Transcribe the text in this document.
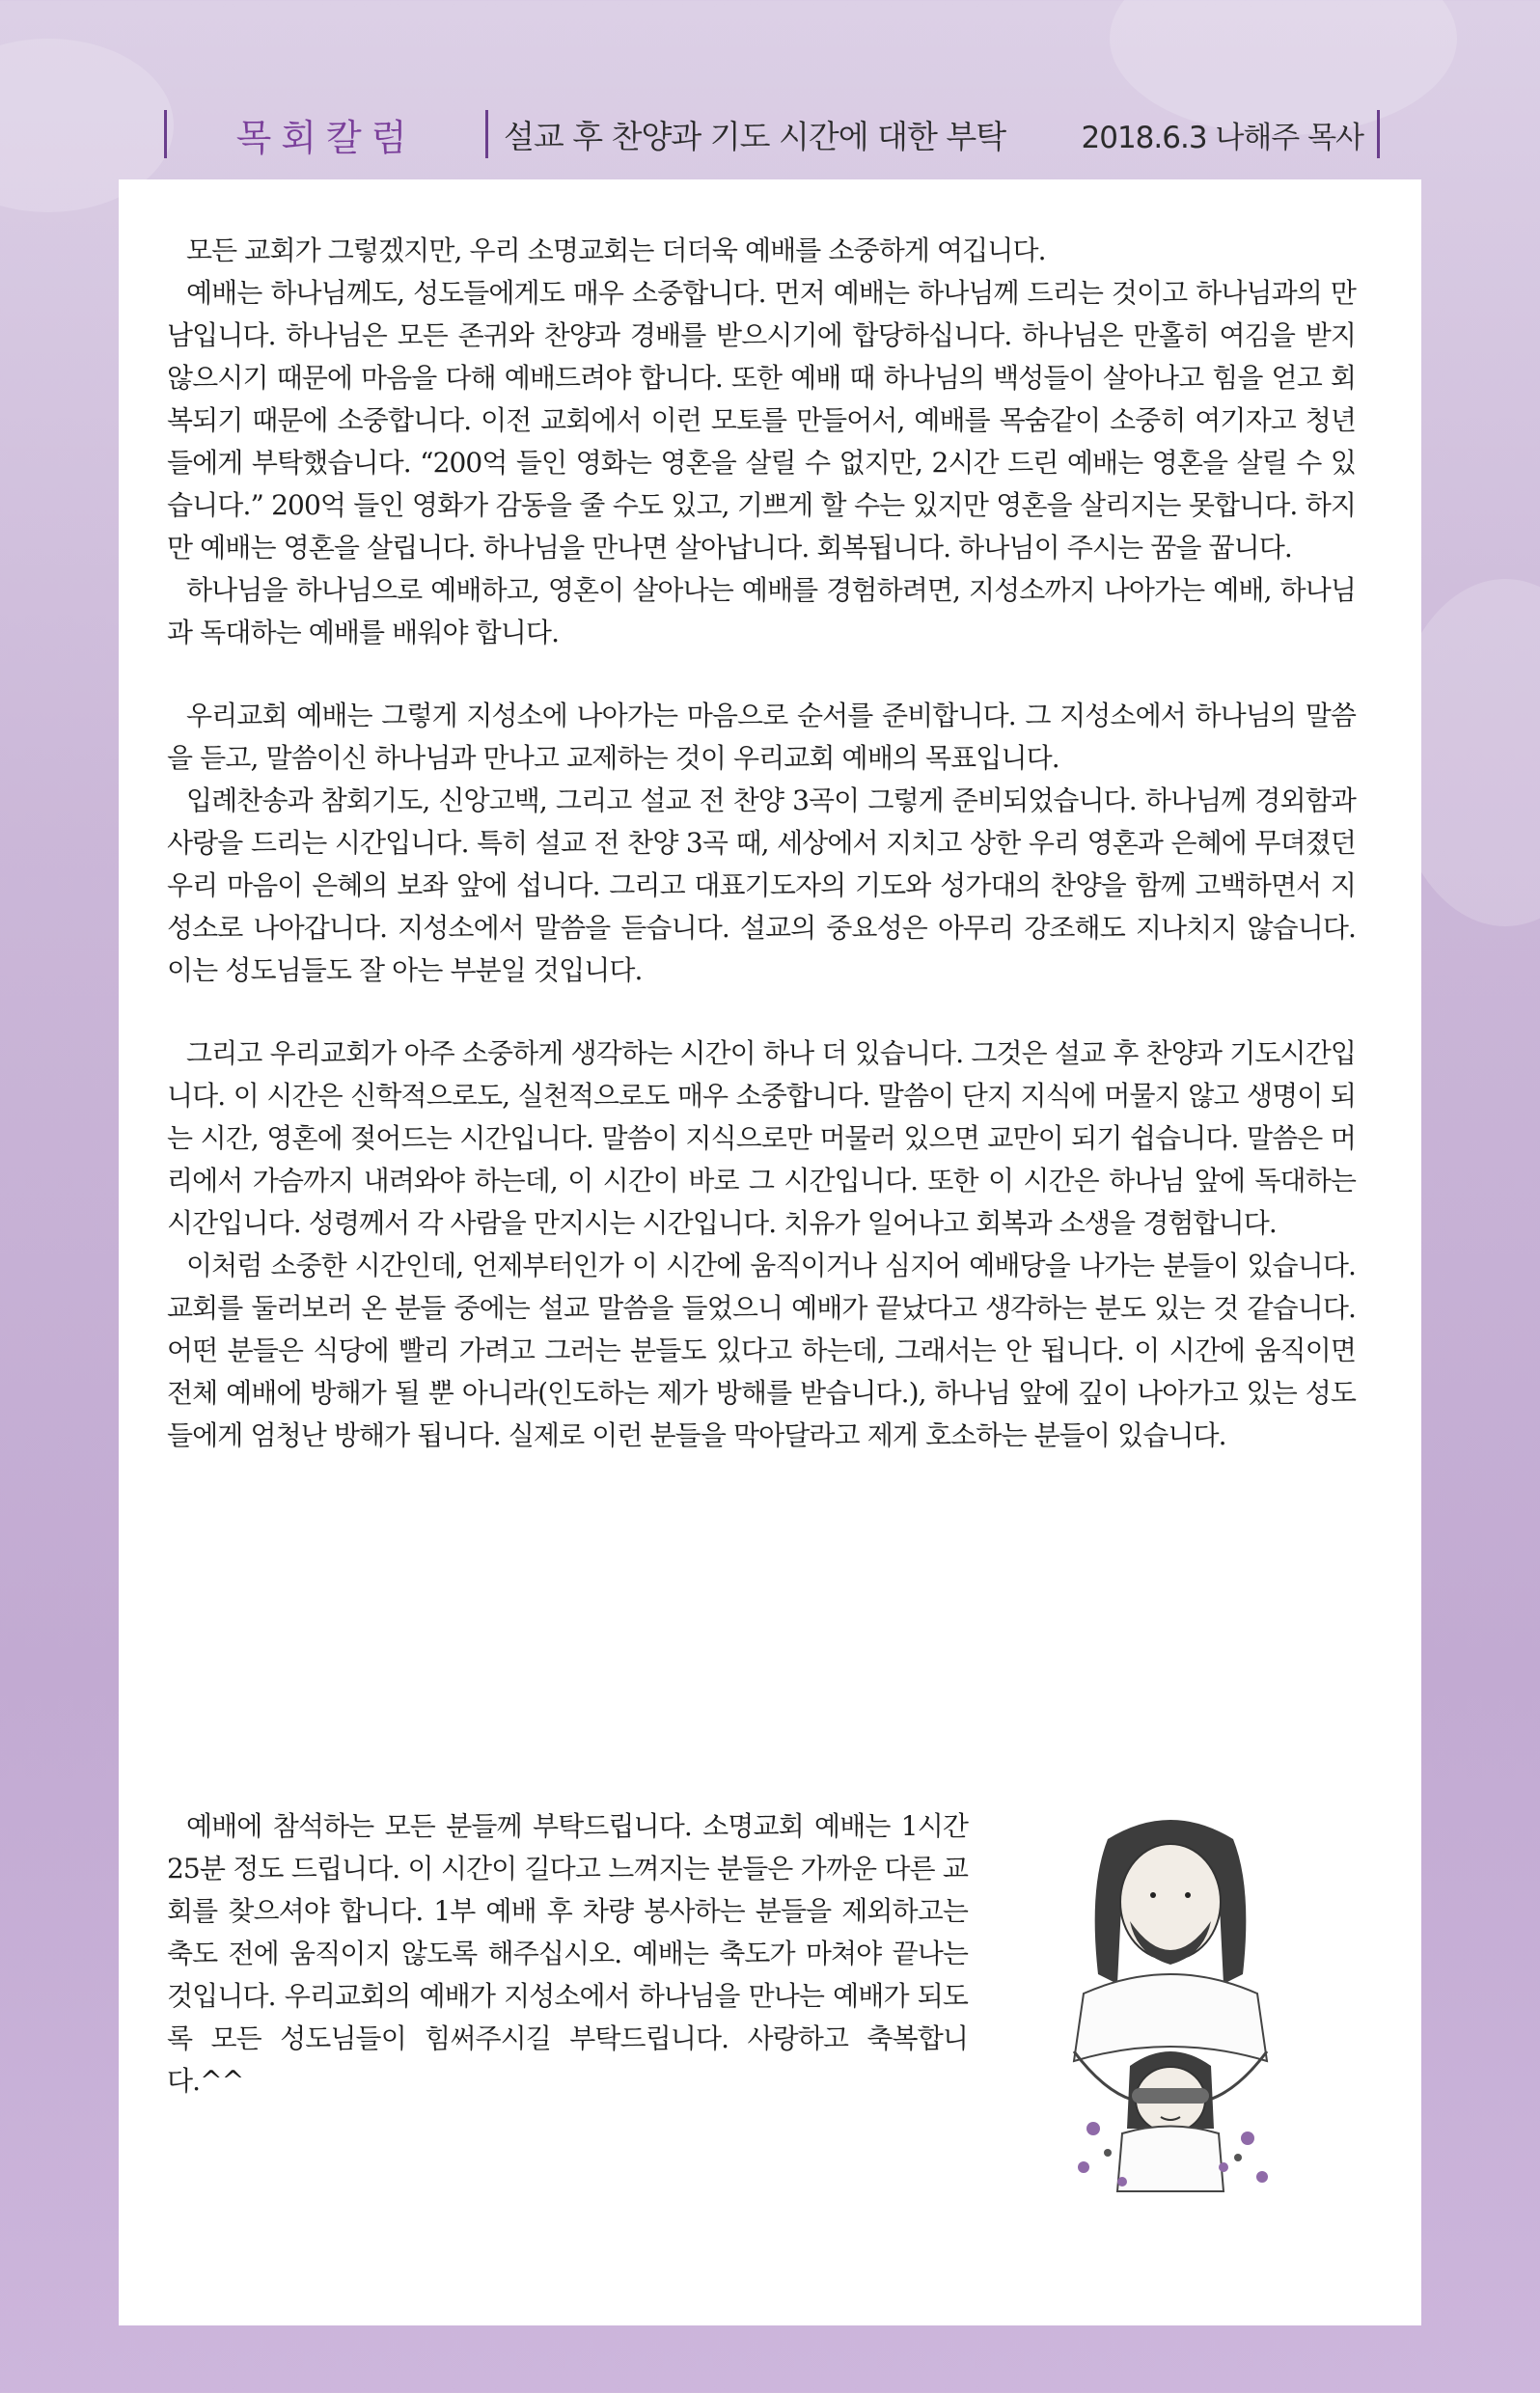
목회칼럼	설교 후 찬양과 기도 시간에 대한 부탁	2018.6.3 나해주 목사

모든 교회가 그렇겠지만, 우리 소명교회는 더더욱 예배를 소중하게 여깁니다.

예배는 하나님께도, 성도들에게도 매우 소중합니다. 먼저 예배는 하나님께 드리는 것이고 하나님과의 만남입니다. 하나님은 모든 존귀와 찬양과 경배를 받으시기에 합당하십니다. 하나님은 만홀히 여김을 받지 않으시기 때문에 마음을 다해 예배드려야 합니다. 또한 예배 때 하나님의 백성들이 살아나고 힘을 얻고 회복되기 때문에 소중합니다. 이전 교회에서 이런 모토를 만들어서, 예배를 목숨같이 소중히 여기자고 청년들에게 부탁했습니다. “200억 들인 영화는 영혼을 살릴 수 없지만, 2시간 드린 예배는 영혼을 살릴 수 있습니다.” 200억 들인 영화가 감동을 줄 수도 있고, 기쁘게 할 수는 있지만 영혼을 살리지는 못합니다. 하지만 예배는 영혼을 살립니다. 하나님을 만나면 살아납니다. 회복됩니다. 하나님이 주시는 꿈을 꿉니다.

하나님을 하나님으로 예배하고, 영혼이 살아나는 예배를 경험하려면, 지성소까지 나아가는 예배, 하나님과 독대하는 예배를 배워야 합니다.

우리교회 예배는 그렇게 지성소에 나아가는 마음으로 순서를 준비합니다. 그 지성소에서 하나님의 말씀을 듣고, 말씀이신 하나님과 만나고 교제하는 것이 우리교회 예배의 목표입니다.

입례찬송과 참회기도, 신앙고백, 그리고 설교 전 찬양 3곡이 그렇게 준비되었습니다. 하나님께 경외함과 사랑을 드리는 시간입니다. 특히 설교 전 찬양 3곡 때, 세상에서 지치고 상한 우리 영혼과 은혜에 무뎌졌던 우리 마음이 은혜의 보좌 앞에 섭니다. 그리고 대표기도자의 기도와 성가대의 찬양을 함께 고백하면서 지성소로 나아갑니다. 지성소에서 말씀을 듣습니다. 설교의 중요성은 아무리 강조해도 지나치지 않습니다. 이는 성도님들도 잘 아는 부분일 것입니다.

그리고 우리교회가 아주 소중하게 생각하는 시간이 하나 더 있습니다. 그것은 설교 후 찬양과 기도시간입니다. 이 시간은 신학적으로도, 실천적으로도 매우 소중합니다. 말씀이 단지 지식에 머물지 않고 생명이 되는 시간, 영혼에 젖어드는 시간입니다. 말씀이 지식으로만 머물러 있으면 교만이 되기 쉽습니다. 말씀은 머리에서 가슴까지 내려와야 하는데, 이 시간이 바로 그 시간입니다. 또한 이 시간은 하나님 앞에 독대하는 시간입니다. 성령께서 각 사람을 만지시는 시간입니다. 치유가 일어나고 회복과 소생을 경험합니다.

이처럼 소중한 시간인데, 언제부터인가 이 시간에 움직이거나 심지어 예배당을 나가는 분들이 있습니다. 교회를 둘러보러 온 분들 중에는 설교 말씀을 들었으니 예배가 끝났다고 생각하는 분도 있는 것 같습니다. 어떤 분들은 식당에 빨리 가려고 그러는 분들도 있다고 하는데, 그래서는 안 됩니다. 이 시간에 움직이면 전체 예배에 방해가 될 뿐 아니라(인도하는 제가 방해를 받습니다.), 하나님 앞에 깊이 나아가고 있는 성도들에게 엄청난 방해가 됩니다. 실제로 이런 분들을 막아달라고 제게 호소하는 분들이 있습니다.

예배에 참석하는 모든 분들께 부탁드립니다. 소명교회 예배는 1시간 25분 정도 드립니다. 이 시간이 길다고 느껴지는 분들은 가까운 다른 교회를 찾으셔야 합니다. 1부 예배 후 차량 봉사하는 분들을 제외하고는 축도 전에 움직이지 않도록 해주십시오. 예배는 축도가 마쳐야 끝나는 것입니다. 우리교회의 예배가 지성소에서 하나님을 만나는 예배가 되도록 모든 성도님들이 힘써주시길 부탁드립니다. 사랑하고 축복합니다.^^
